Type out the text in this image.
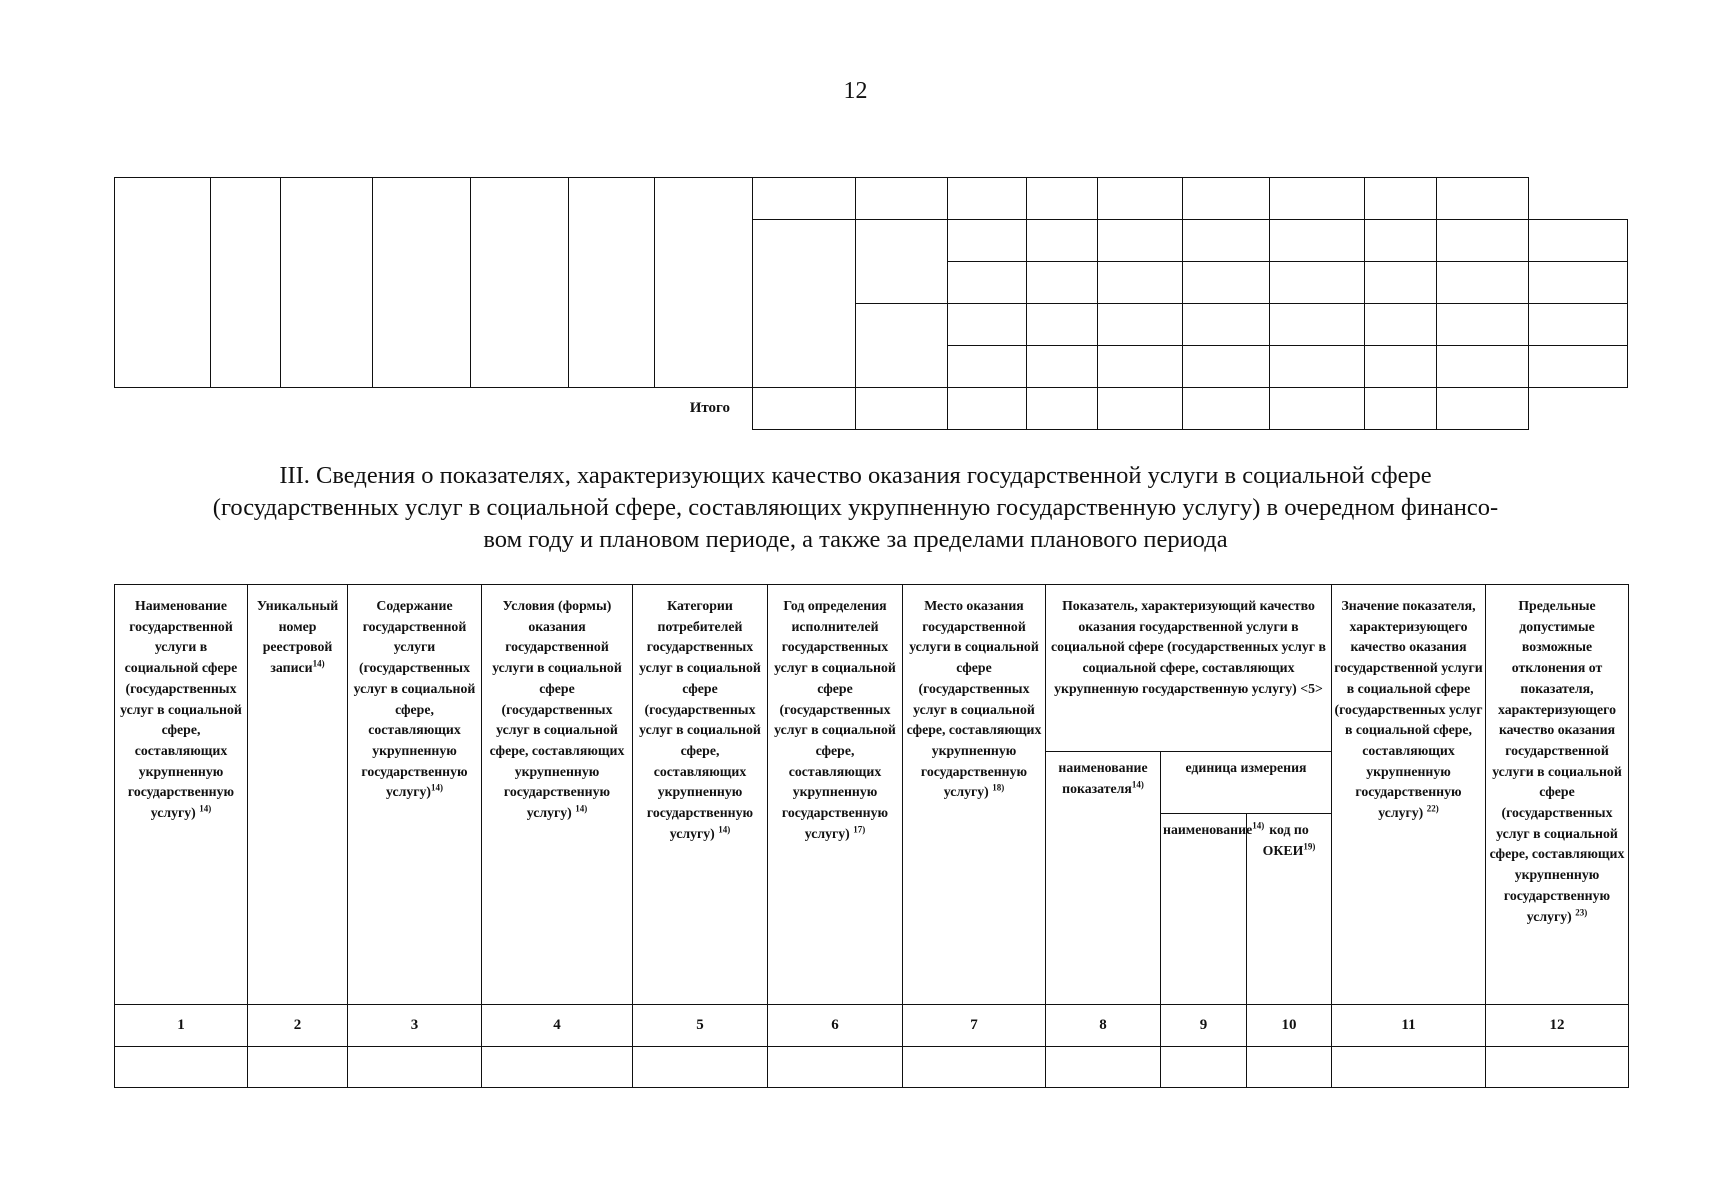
12

Итого																
III. Сведения о показателях, характеризующих качество оказания государственной услуги в социальной сфере
(государственных услуг в социальной сфере, составляющих укрупненную государственную услугу) в очередном финансо-
вом году и плановом периоде, а также за пределами планового периода
Наименование государственной услуги в социальной сфере (государственных услуг в социальной сфере, составляющих укрупненную государственную услугу) $^{14)}$	Уникальный номер реестровой записи$^{14)}$	Содержание государственной услуги (государственных услуг в социальной сфере, составляющих укрупненную государственную услугу)$^{14)}$	Условия (формы) оказания государственной услуги в социальной сфере (государственных услуг в социальной сфере, составляющих укрупненную государственную услугу) $^{14)}$	Категории потребителей государственных услуг в социальной сфере (государственных услуг в социальной сфере, составляющих укрупненную государственную услугу) $^{14)}$	Год определения исполнителей государственных услуг в социальной сфере (государственных услуг в социальной сфере, составляющих укрупненную государственную услугу) $^{17)}$	Место оказания государственной услуги в социальной сфере (государственных услуг в социальной сфере, составляющих укрупненную государственную услугу) $^{18)}$	Показатель, характеризующий качество оказания государственной услуги в социальной сфере (государственных услуг в социальной сфере, составляющих укрупненную государственную услугу) <5>			Значение показателя, характеризующего качество оказания государственной услуги в социальной сфере (государственных услуг в социальной сфере, составляющих укрупненную государственную услугу) $^{22)}$	Предельные допустимые возможные отклонения от показателя, характеризующего качество оказания государственной услуги в социальной сфере (государственных услуг в социальной сфере, составляющих укрупненную государственную услугу) $^{23)}$
							наименование показателя$^{14)}$	единица измерения			
								наименование$^{14)}$	код по ОКЕИ$^{19)}$
1	2	3	4	5	6	7	8	9	10	11	12
